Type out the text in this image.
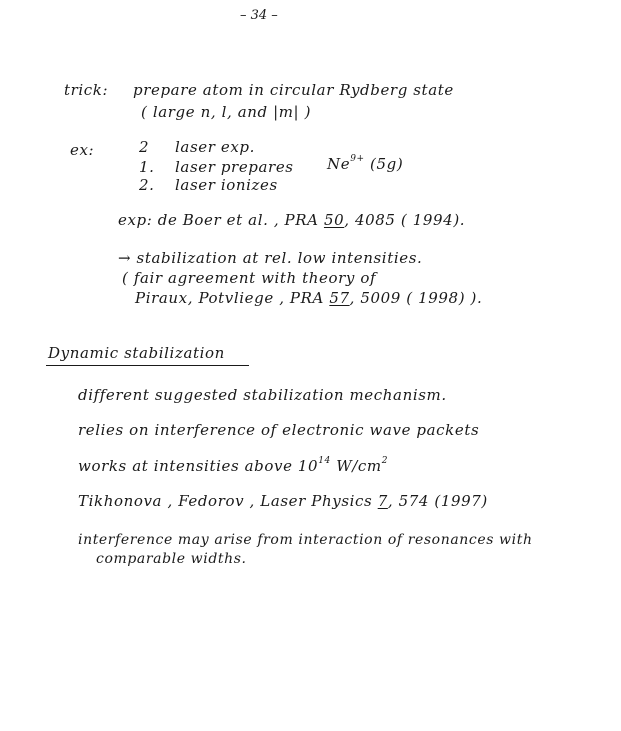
– 34 –
trick: prepare atom in circular Rydberg state
( large n, l, and |m| )
ex:	2 laser exp.
1. laser prepares $Ne^{9+}$ (5g)
2. laser ionizes
exp: de Boer et al. , PRA 50, 4085 ( 1994).
→ stabilization at rel. low intensities.
( fair agreement with theory of
Piraux, Potvliege , PRA 57, 5009 ( 1998) ).
Dynamic stabilization
different suggested stabilization mechanism.
relies on interference of electronic wave packets
works at intensities above $10^{14}$ $W/cm^2$
Tikhonova , Fedorov , Laser Physics 7, 574 (1997)
interference may arise from interaction of resonances with
comparable widths.
